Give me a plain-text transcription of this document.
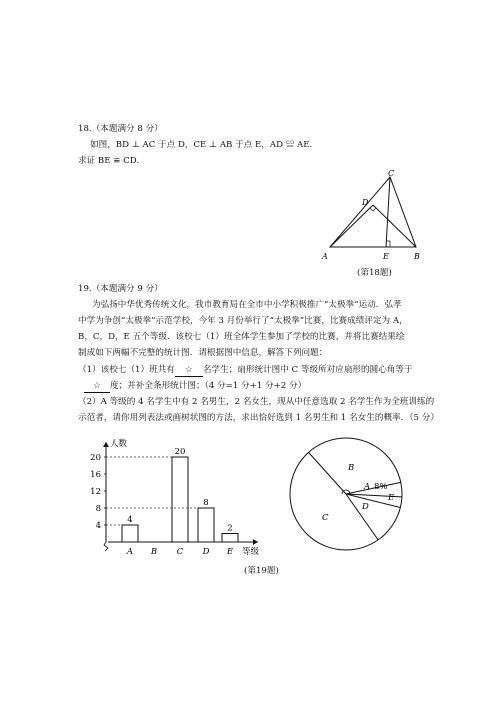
18.（本题满分 8 分）
如图，BD ⊥ AC 于点 D，CE ⊥ AB 于点 E，AD ≌ AE．
求证 BE ≌ CD．
A	B
C
D
E
(第18题)
19.（本题满分 9 分）
为弘扬中华优秀传统文化，我市教育局在全市中小学积极推广“太极拳”运动．弘孝
中学为争创“太极拳”示范学校，今年 3 月份举行了“太极拳”比赛，比赛成绩评定为 A，
B，C，D，E 五个等级．该校七（1）班全体学生参加了学校的比赛，并将比赛结果绘
制成如下两幅不完整的统计图．请根据图中信息，解答下列问题：
（1）该校七（1）班共有 ☆ 名学生；扇形统计图中 C 等级所对应扇形的圆心角等于
☆ 度；并补全条形统计图；（4 分=1 分+1 分+2 分）
（2）A 等级的 4 名学生中有 2 名男生，2 名女生，现从中任意选取 2 名学生作为全班训练的
示范者，请你用列表法或画树状图的方法，求出恰好选到 1 名男生和 1 名女生的概率．（5 分）
人数
等级
4
8
12
16
20
4
A B
20
C
8
D
2
E
A
B
C
D
E
8%
(第19题)
